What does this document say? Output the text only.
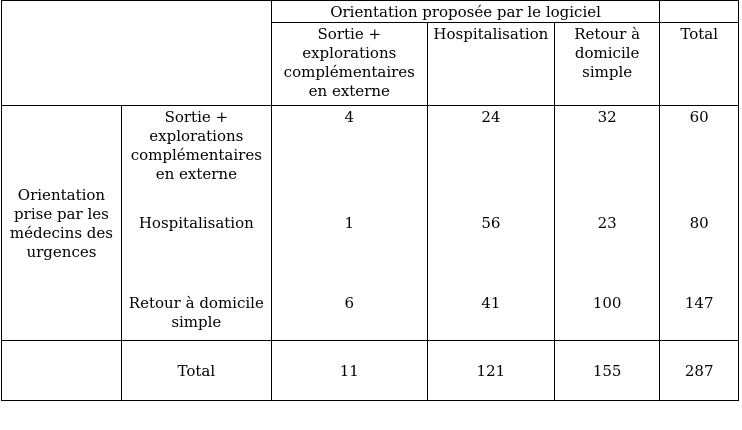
		Orientation proposée par le logiciel			
		Sortie + explorations complémentaires en externe	Hospitalisation	Retour à domicile simple	Total
Orientation prise par les médecins des urgences	Sortie + explorations complémentaires en externe	4	24	32	60
	Hospitalisation	1	56	23	80
	Retour à domicile simple	6	41	100	147
	Total	11	121	155	287
